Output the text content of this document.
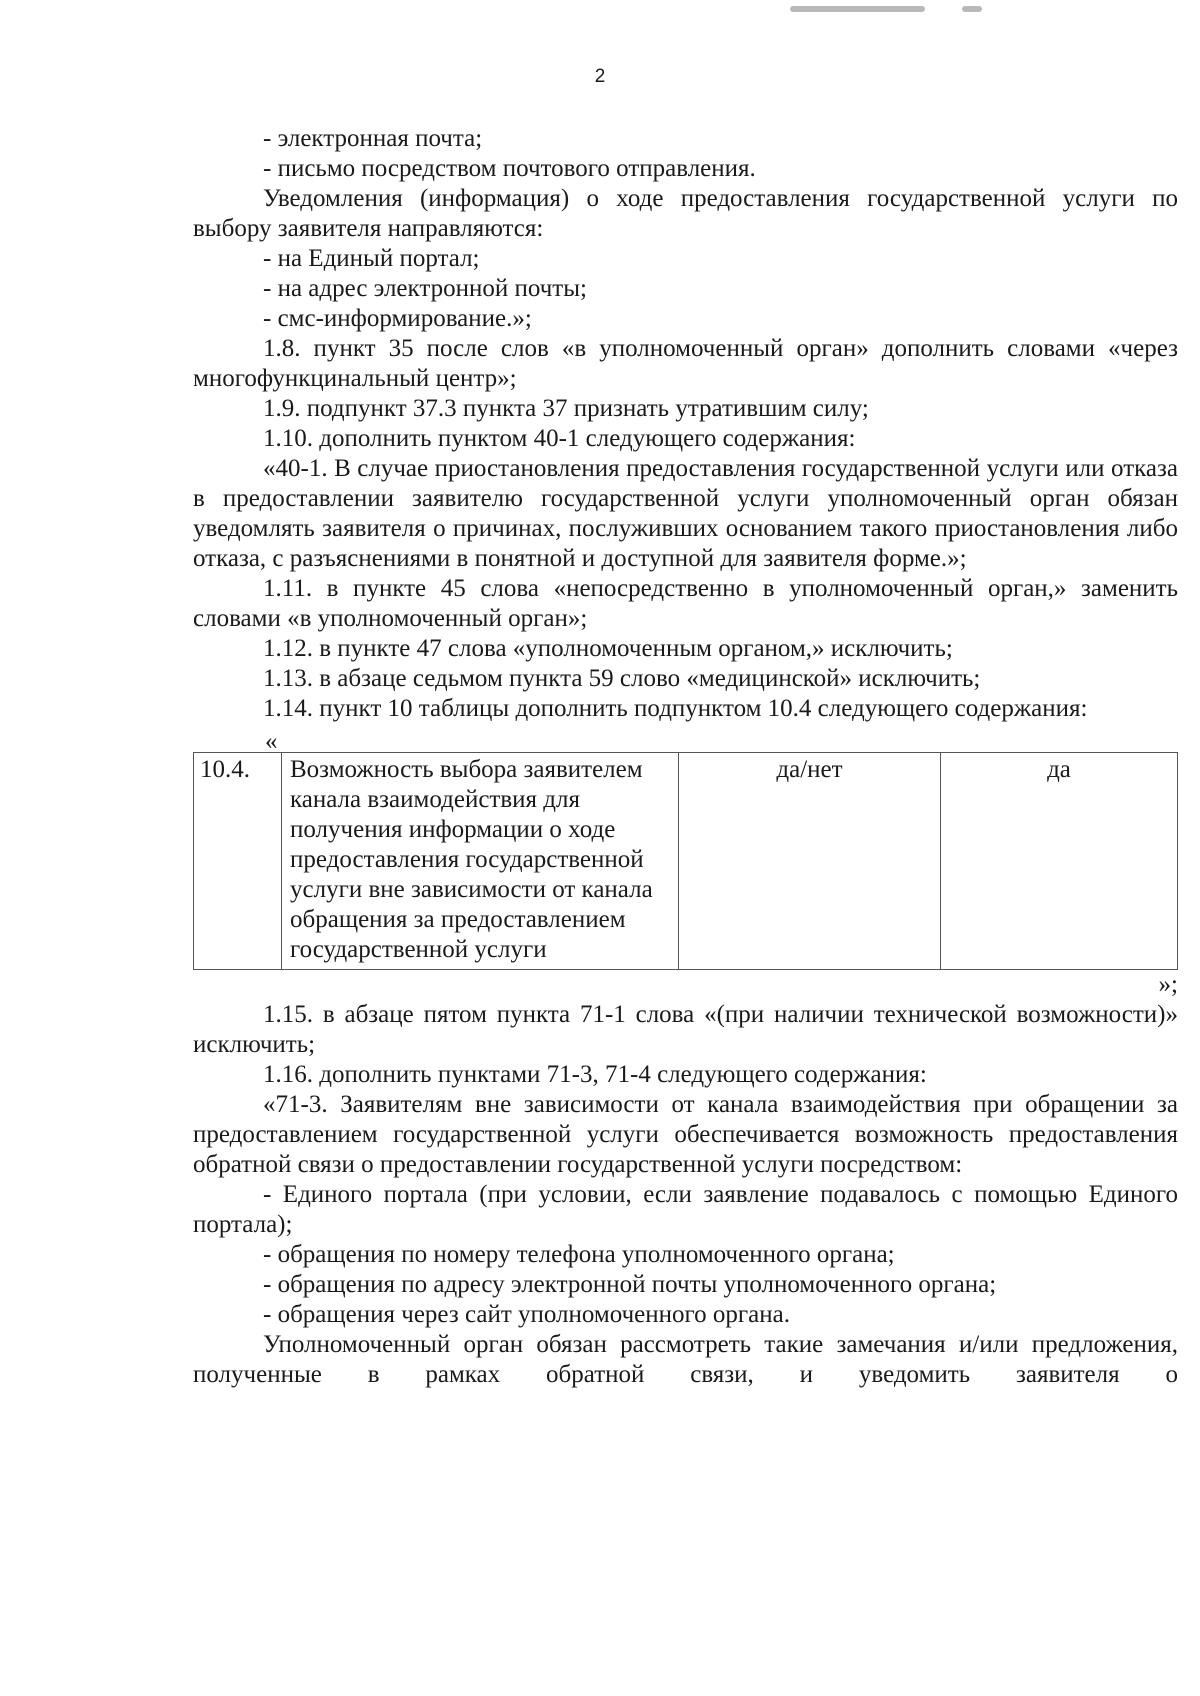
2
- электронная почта;
- письмо посредством почтового отправления.

Уведомления (информация) о ходе предоставления государственной услуги по выбору заявителя направляются:

- на Единый портал;
- на адрес электронной почты;
- смс-информирование.»;

1.8. пункт 35 после слов «в уполномоченный орган» дополнить словами «через многофункцинальный центр»;

1.9. подпункт 37.3 пункта 37 признать утратившим силу;

1.10. дополнить пунктом 40-1 следующего содержания:

«40-1. В случае приостановления предоставления государственной услуги или отказа в предоставлении заявителю государственной услуги уполномоченный орган обязан уведомлять заявителя о причинах, послуживших основанием такого приостановления либо отказа, с разъяснениями в понятной и доступной для заявителя форме.»;

1.11. в пункте 45 слова «непосредственно в уполномоченный орган,» заменить словами «в уполномоченный орган»;

1.12. в пункте 47 слова «уполномоченным органом,» исключить;

1.13. в абзаце седьмом пункта 59 слово «медицинской» исключить;

1.14. пункт 10 таблицы дополнить подпунктом 10.4 следующего содержания:

«
10.4.	Возможность выбора заявителем канала взаимодействия для получения информации о ходе предоставления государственной услуги вне зависимости от канала обращения за предоставлением государственной услуги	да/нет	да
»;

1.15. в абзаце пятом пункта 71-1 слова «(при наличии технической возможности)» исключить;

1.16. дополнить пунктами 71-3, 71-4 следующего содержания:

«71-3. Заявителям вне зависимости от канала взаимодействия при обращении за предоставлением государственной услуги обеспечивается возможность предоставления обратной связи о предоставлении государственной услуги посредством:

- Единого портала (при условии, если заявление подавалось с помощью Единого портала);

- обращения по номеру телефона уполномоченного органа;
- обращения по адресу электронной почты уполномоченного органа;
- обращения через сайт уполномоченного органа.

Уполномоченный орган обязан рассмотреть такие замечания и/или предложения, полученные в рамках обратной связи, и уведомить заявителя о
